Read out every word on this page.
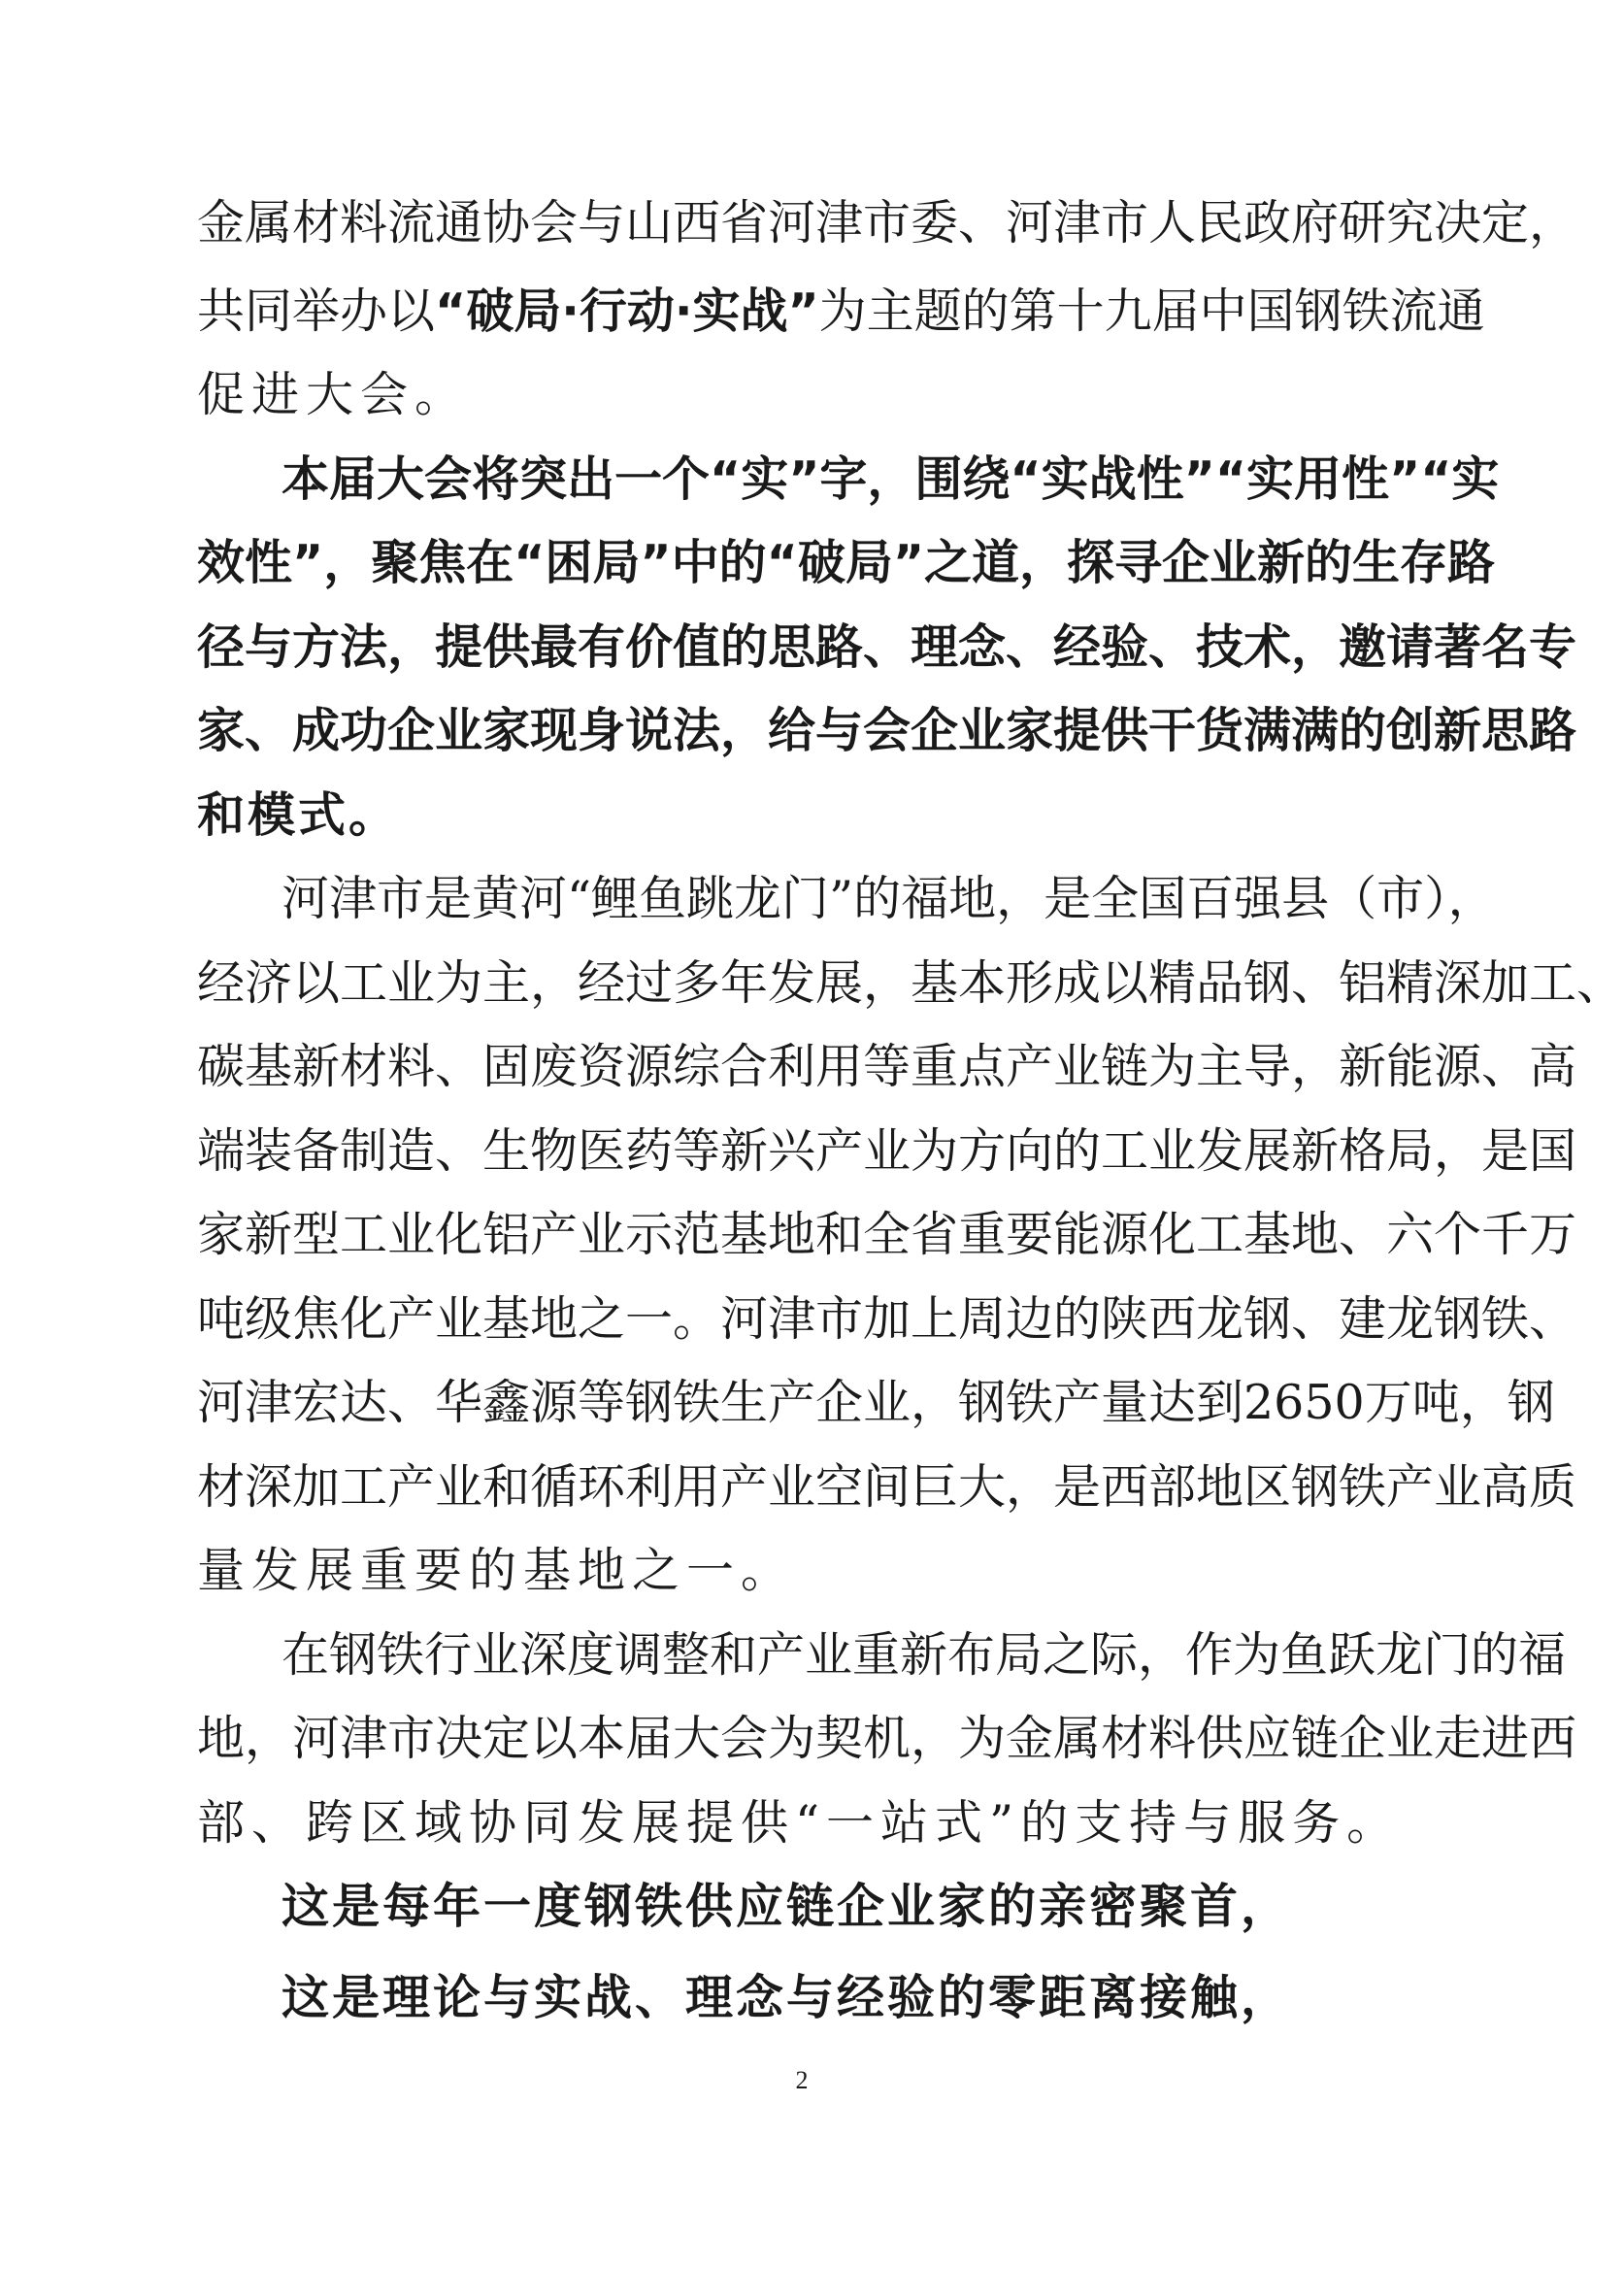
金属材料流通协会与山西省河津市委、河津市人民政府研究决定，
共同举办以“破局·行动·实战”为主题的第十九届中国钢铁流通
促进大会。
本届大会将突出一个“实”字，围绕“实战性”“实用性”“实
效性”，聚焦在“困局”中的“破局”之道，探寻企业新的生存路
径与方法，提供最有价值的思路、理念、经验、技术，邀请著名专
家、成功企业家现身说法，给与会企业家提供干货满满的创新思路
和模式。
河津市是黄河“鲤鱼跳龙门”的福地，是全国百强县（市），
经济以工业为主，经过多年发展，基本形成以精品钢、铝精深加工、
碳基新材料、固废资源综合利用等重点产业链为主导，新能源、高
端装备制造、生物医药等新兴产业为方向的工业发展新格局，是国
家新型工业化铝产业示范基地和全省重要能源化工基地、六个千万
吨级焦化产业基地之一。河津市加上周边的陕西龙钢、建龙钢铁、
河津宏达、华鑫源等钢铁生产企业，钢铁产量达到2650万吨，钢
材深加工产业和循环利用产业空间巨大，是西部地区钢铁产业高质
量发展重要的基地之一。
在钢铁行业深度调整和产业重新布局之际，作为鱼跃龙门的福
地，河津市决定以本届大会为契机，为金属材料供应链企业走进西
部、跨区域协同发展提供“一站式”的支持与服务。
这是每年一度钢铁供应链企业家的亲密聚首，
这是理论与实战、理念与经验的零距离接触，
2
